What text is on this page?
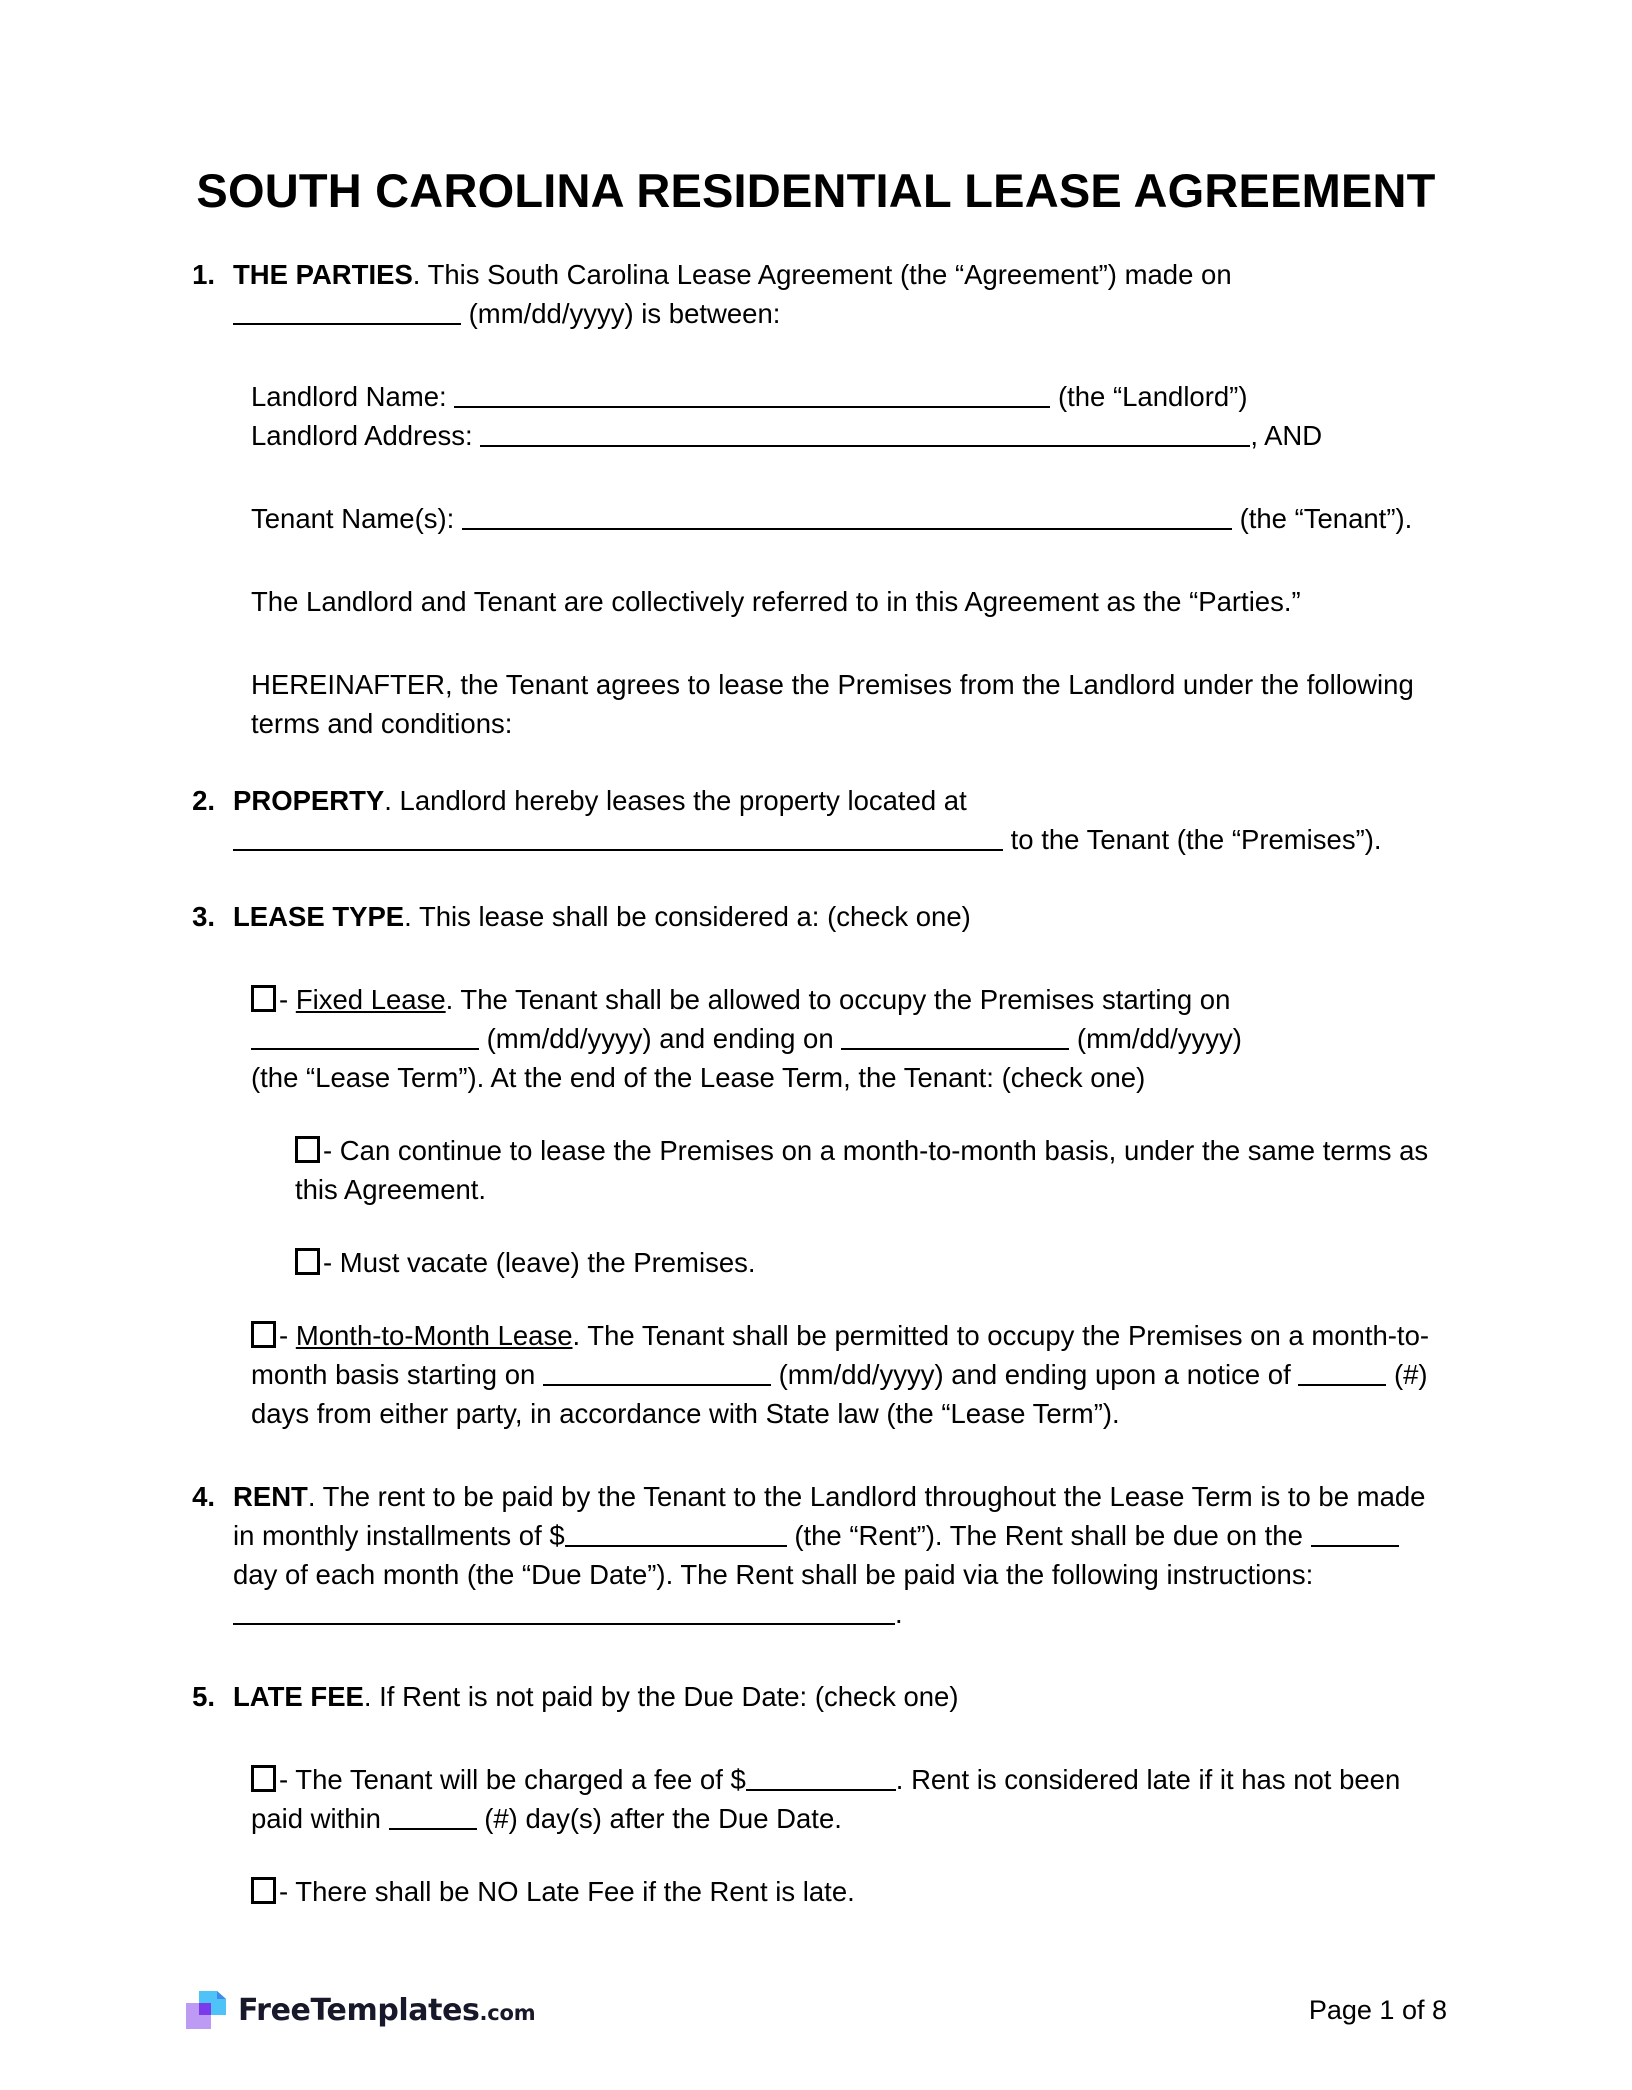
SOUTH CAROLINA RESIDENTIAL LEASE AGREEMENT
1. THE PARTIES. This South Carolina Lease Agreement (the “Agreement”) made on
(mm/dd/yyyy) is between:
Landlord Name:	(the “Landlord”)
Landlord Address:	, AND
Tenant Name(s):	(the “Tenant”).
The Landlord and Tenant are collectively referred to in this Agreement as the “Parties.”
HEREINAFTER, the Tenant agrees to lease the Premises from the Landlord under the following terms and conditions:
2. PROPERTY. Landlord hereby leases the property located at
to the Tenant (the “Premises”).
3. LEASE TYPE. This lease shall be considered a: (check one)
- Fixed Lease. The Tenant shall be allowed to occupy the Premises starting on
(mm/dd/yyyy) and ending on	(mm/dd/yyyy)
(the “Lease Term”). At the end of the Lease Term, the Tenant: (check one)
- Can continue to lease the Premises on a month-to-month basis, under the same terms as this Agreement.
- Must vacate (leave) the Premises.
- Month-to-Month Lease. The Tenant shall be permitted to occupy the Premises on a month-to-month basis starting on	(mm/dd/yyyy) and ending upon a notice of	(#) days from either party, in accordance with State law (the “Lease Term”).
4. RENT. The rent to be paid by the Tenant to the Landlord throughout the Lease Term is to be made in monthly installments of $	(the “Rent”). The Rent shall be due on the  day of each month (the “Due Date”). The Rent shall be paid via the following instructions: .
5. LATE FEE. If Rent is not paid by the Due Date: (check one)
- The Tenant will be charged a fee of $	. Rent is considered late if it has not been paid within	(#) day(s) after the Due Date.
- There shall be NO Late Fee if the Rent is late.
FreeTemplates.com	Page 1 of 8
